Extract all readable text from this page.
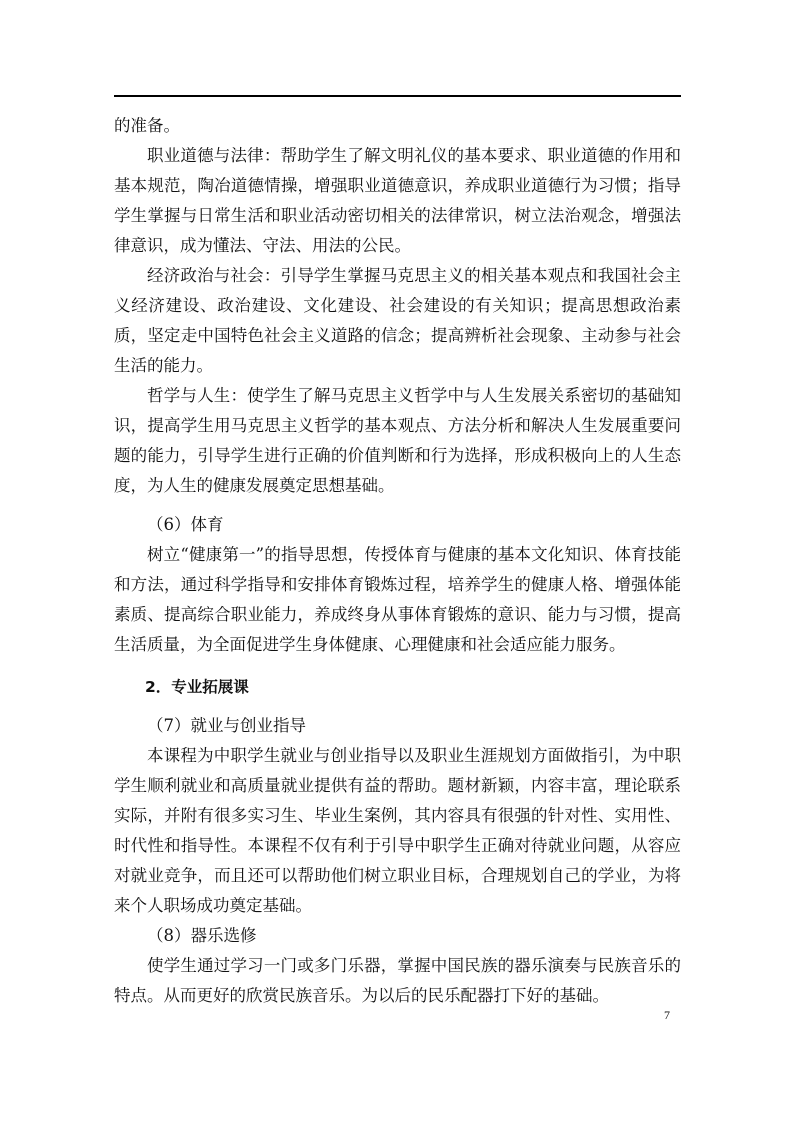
的准备。

职业道德与法律：帮助学生了解文明礼仪的基本要求、职业道德的作用和基本规范，陶冶道德情操，增强职业道德意识，养成职业道德行为习惯；指导学生掌握与日常生活和职业活动密切相关的法律常识，树立法治观念，增强法律意识，成为懂法、守法、用法的公民。

经济政治与社会：引导学生掌握马克思主义的相关基本观点和我国社会主义经济建设、政治建设、文化建设、社会建设的有关知识；提高思想政治素质，坚定走中国特色社会主义道路的信念；提高辨析社会现象、主动参与社会生活的能力。

哲学与人生：使学生了解马克思主义哲学中与人生发展关系密切的基础知识，提高学生用马克思主义哲学的基本观点、方法分析和解决人生发展重要问题的能力，引导学生进行正确的价值判断和行为选择，形成积极向上的人生态度，为人生的健康发展奠定思想基础。

（6）体育

树立“健康第一”的指导思想，传授体育与健康的基本文化知识、体育技能和方法，通过科学指导和安排体育锻炼过程，培养学生的健康人格、增强体能素质、提高综合职业能力，养成终身从事体育锻炼的意识、能力与习惯，提高生活质量，为全面促进学生身体健康、心理健康和社会适应能力服务。

2．专业拓展课

（7）就业与创业指导

本课程为中职学生就业与创业指导以及职业生涯规划方面做指引，为中职学生顺利就业和高质量就业提供有益的帮助。题材新颖，内容丰富，理论联系实际，并附有很多实习生、毕业生案例，其内容具有很强的针对性、实用性、时代性和指导性。本课程不仅有利于引导中职学生正确对待就业问题，从容应对就业竞争，而且还可以帮助他们树立职业目标，合理规划自己的学业，为将来个人职场成功奠定基础。

（8）器乐选修

使学生通过学习一门或多门乐器，掌握中国民族的器乐演奏与民族音乐的特点。从而更好的欣赏民族音乐。为以后的民乐配器打下好的基础。

7
